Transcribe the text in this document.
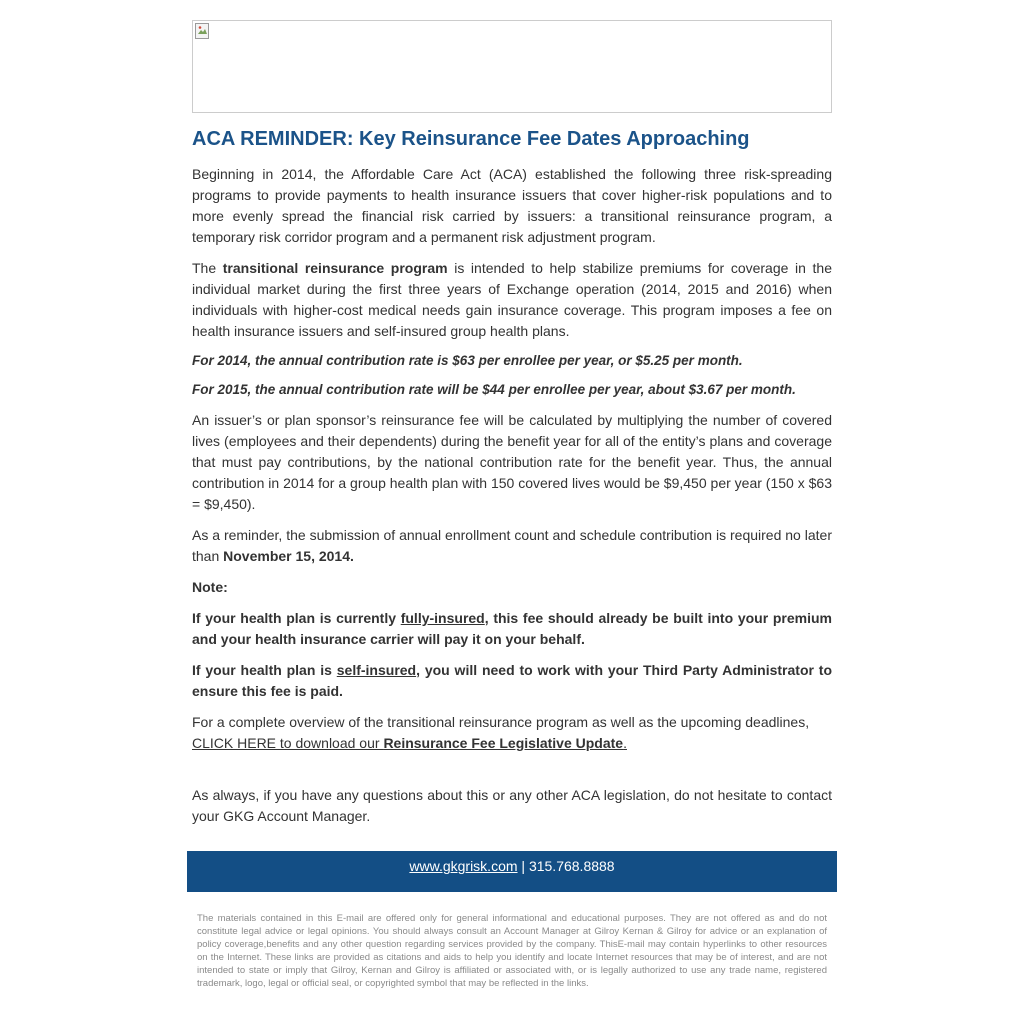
ACA REMINDER: Key Reinsurance Fee Dates Approaching

Beginning in 2014, the Affordable Care Act (ACA) established the following three risk-spreading programs to provide payments to health insurance issuers that cover higher-risk populations and to more evenly spread the financial risk carried by issuers: a transitional reinsurance program, a temporary risk corridor program and a permanent risk adjustment program.

The transitional reinsurance program is intended to help stabilize premiums for coverage in the individual market during the first three years of Exchange operation (2014, 2015 and 2016) when individuals with higher-cost medical needs gain insurance coverage. This program imposes a fee on health insurance issuers and self-insured group health plans.

For 2014, the annual contribution rate is $63 per enrollee per year, or $5.25 per month.

For 2015, the annual contribution rate will be $44 per enrollee per year, about $3.67 per month.

An issuer’s or plan sponsor’s reinsurance fee will be calculated by multiplying the number of covered lives (employees and their dependents) during the benefit year for all of the entity’s plans and coverage that must pay contributions, by the national contribution rate for the benefit year. Thus, the annual contribution in 2014 for a group health plan with 150 covered lives would be $9,450 per year (150 x $63 = $9,450).

As a reminder, the submission of annual enrollment count and schedule contribution is required no later than November 15, 2014.

Note:

If your health plan is currently fully-insured, this fee should already be built into your premium and your health insurance carrier will pay it on your behalf.

If your health plan is self-insured, you will need to work with your Third Party Administrator to ensure this fee is paid.

For a complete overview of the transitional reinsurance program as well as the upcoming deadlines,
CLICK HERE to download our Reinsurance Fee Legislative Update.

As always, if you have any questions about this or any other ACA legislation, do not hesitate to contact your GKG Account Manager.

www.gkgrisk.com | 315.768.8888
The materials contained in this E-mail are offered only for general informational and educational purposes. They are not offered as and do not constitute legal advice or legal opinions. You should always consult an Account Manager at Gilroy Kernan & Gilroy for advice or an explanation of policy coverage,benefits and any other question regarding services provided by the company. ThisE-mail may contain hyperlinks to other resources on the Internet. These links are provided as citations and aids to help you identify and locate Internet resources that may be of interest, and are not intended to state or imply that Gilroy, Kernan and Gilroy is affiliated or associated with, or is legally authorized to use any trade name, registered trademark, logo, legal or official seal, or copyrighted symbol that may be reflected in the links.
